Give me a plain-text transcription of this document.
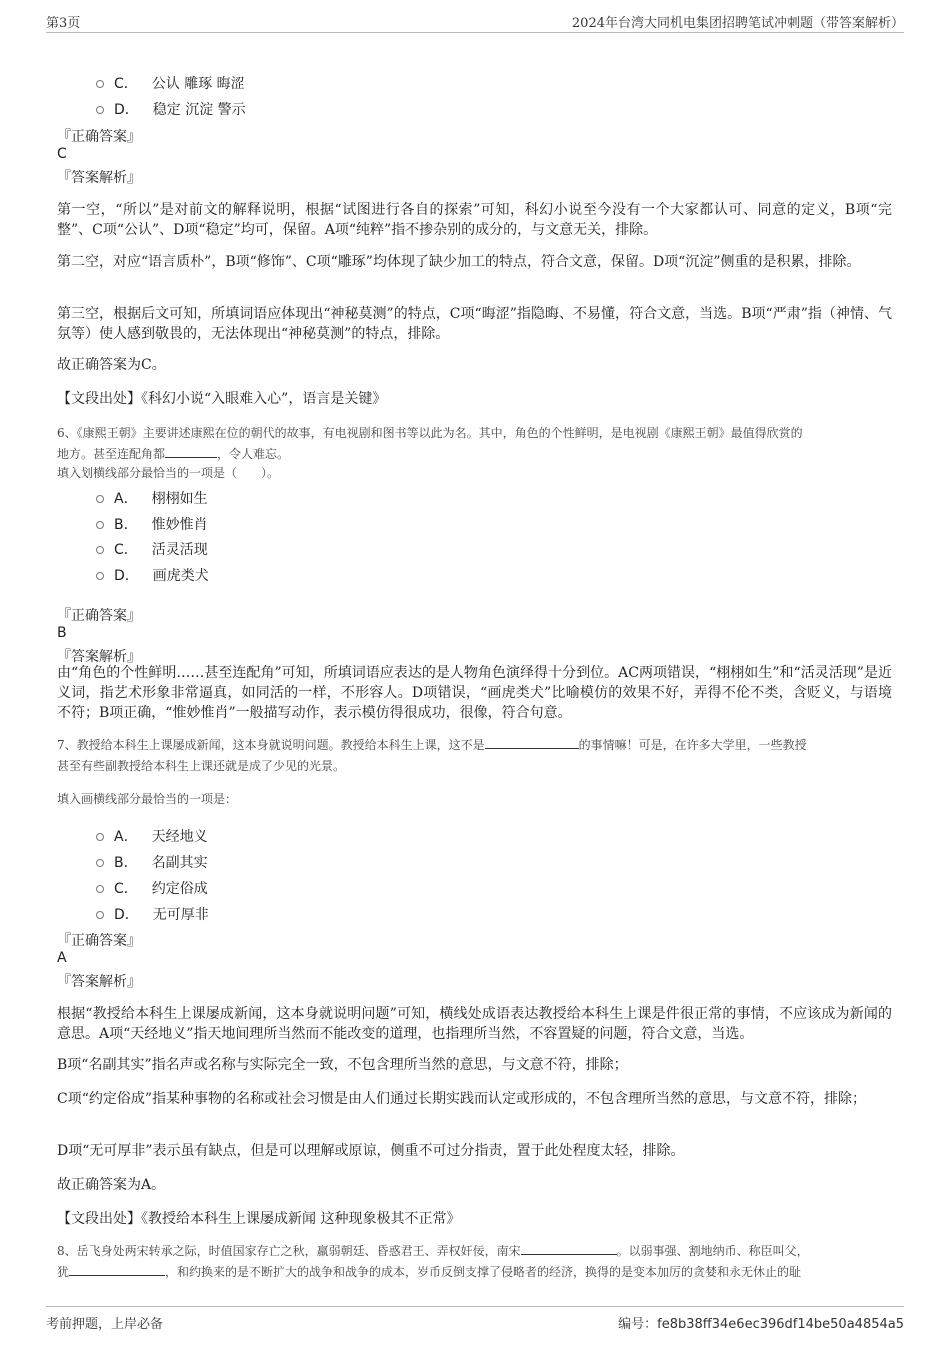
第3页	2024年台湾大同机电集团招聘笔试冲刺题（带答案解析）
C． 公认 雕琢 晦涩
D． 稳定 沉淀 警示
『正确答案』
C
『答案解析』
第一空，“所以”是对前文的解释说明，根据“试图进行各自的探索”可知，科幻小说至今没有一个大家都认可、同意的定义，B项“完整”、C项“公认”、D项“稳定”均可，保留。A项“纯粹”指不掺杂别的成分的，与文意无关，排除。
第二空，对应“语言质朴”，B项“修饰”、C项“雕琢”均体现了缺少加工的特点，符合文意，保留。D项“沉淀”侧重的是积累，排除。
第三空，根据后文可知，所填词语应体现出“神秘莫测”的特点，C项“晦涩”指隐晦、不易懂，符合文意，当选。B项“严肃”指（神情、气氛等）使人感到敬畏的，无法体现出“神秘莫测”的特点，排除。
故正确答案为C。
【文段出处】《科幻小说“入眼难入心”，语言是关键》
6、《康熙王朝》主要讲述康熙在位的朝代的故事，有电视剧和图书等以此为名。其中，角色的个性鲜明，是电视剧《康熙王朝》最值得欣赏的
地方。甚至连配角都	，令人难忘。
填入划横线部分最恰当的一项是（　　）。
A． 栩栩如生
B． 惟妙惟肖
C． 活灵活现
D． 画虎类犬
『正确答案』
B
『答案解析』
由“角色的个性鲜明……甚至连配角”可知，所填词语应表达的是人物角色演绎得十分到位。AC两项错误，“栩栩如生”和“活灵活现”是近义词，指艺术形象非常逼真，如同活的一样，不形容人。D项错误，“画虎类犬”比喻模仿的效果不好，弄得不伦不类，含贬义，与语境不符；B项正确，“惟妙惟肖”一般描写动作，表示模仿得很成功，很像，符合句意。
7、教授给本科生上课屡成新闻，这本身就说明问题。教授给本科生上课，这不是	的事情嘛！可是，在许多大学里，一些教授
甚至有些副教授给本科生上课还就是成了少见的光景。
填入画横线部分最恰当的一项是：
A． 天经地义
B． 名副其实
C． 约定俗成
D． 无可厚非
『正确答案』
A
『答案解析』
根据“教授给本科生上课屡成新闻，这本身就说明问题”可知，横线处成语表达教授给本科生上课是件很正常的事情，不应该成为新闻的意思。A项“天经地义”指天地间理所当然而不能改变的道理，也指理所当然，不容置疑的问题，符合文意，当选。
B项“名副其实”指名声或名称与实际完全一致，不包含理所当然的意思，与文意不符，排除；
C项“约定俗成”指某种事物的名称或社会习惯是由人们通过长期实践而认定或形成的，不包含理所当然的意思，与文意不符，排除；
D项“无可厚非”表示虽有缺点，但是可以理解或原谅，侧重不可过分指责，置于此处程度太轻，排除。
故正确答案为A。
【文段出处】《教授给本科生上课屡成新闻 这种现象极其不正常》
8、岳飞身处两宋转承之际，时值国家存亡之秋，羸弱朝廷、昏惑君王、弄权奸佞，南宋	。以弱事强、割地纳币、称臣叫父，
犹	，和约换来的是不断扩大的战争和战争的成本，岁币反倒支撑了侵略者的经济，换得的是变本加厉的贪婪和永无休止的耻
考前押题，上岸必备	编号：fe8b38ff34e6ec396df14be50a4854a5
